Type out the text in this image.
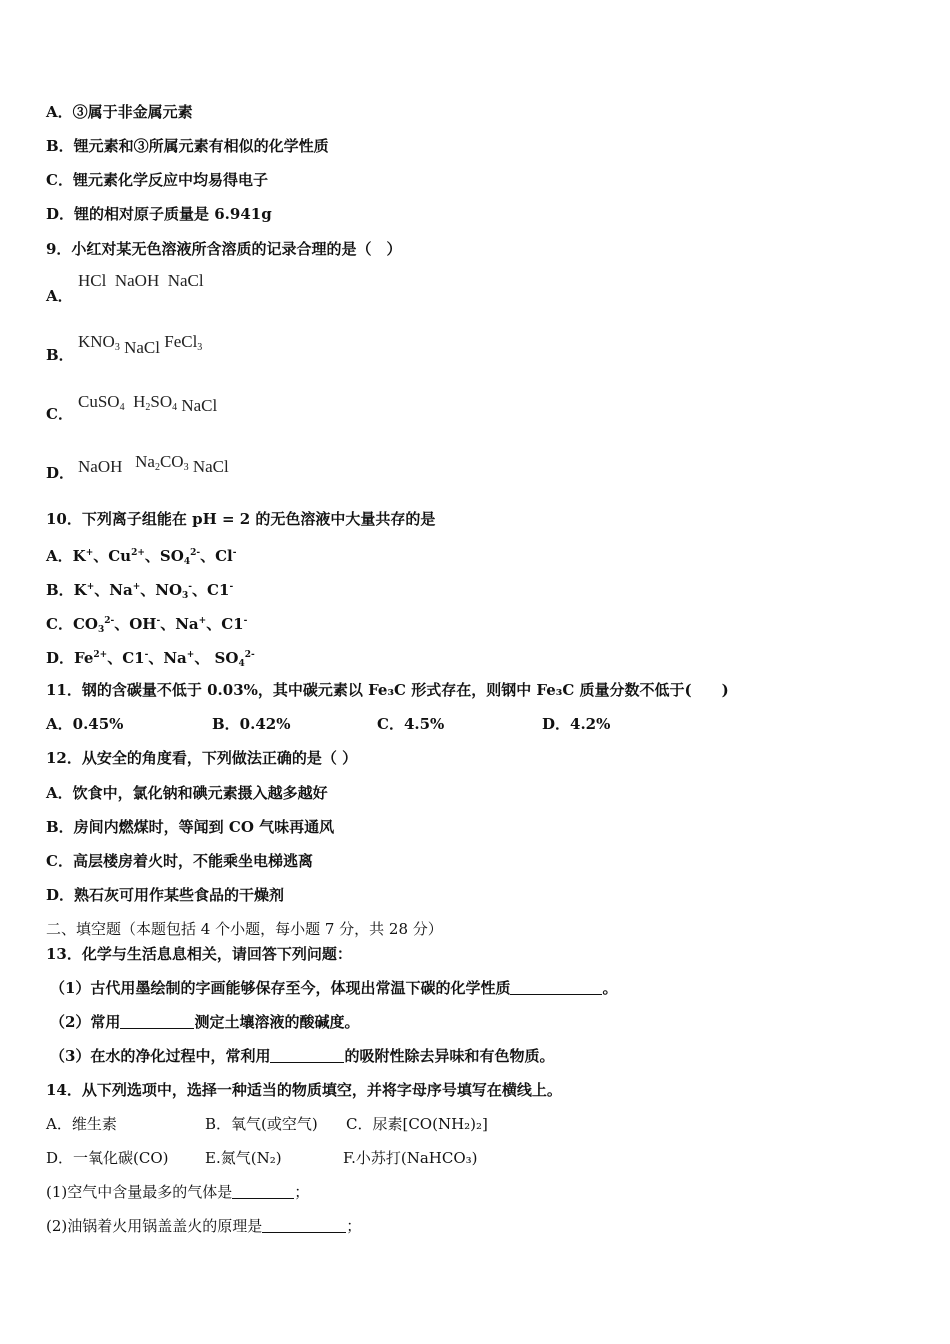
A．③属于非金属元素
B．锂元素和③所属元素有相似的化学性质
C．锂元素化学反应中均易得电子
D．锂的相对原子质量是 6.941g
9．小红对某无色溶液所含溶质的记录合理的是（　）
A．
HCl NaOH NaCl
B．
$KNO_3$ NaCl FeCl$_3$
C．
CuSO$_4$ $H_2SO_4$ NaCl
D． NaOH $Na_2CO_3$ NaCl
10．下列离子组能在 pH = 2 的无色溶液中大量共存的是
A．K+、$Cu^{2+}$、$SO_4^{2-}$、Cl-
B．K+、Na+、$NO_3^-$、C1-
C．$CO_3^{2-}$、OH-、Na+、C1-
D．$Fe^{2+}$、C1-、Na+、 $SO_4^{2-}$
11．钢的含碳量不低于 0.03%，其中碳元素以 Fe₃C 形式存在，则钢中 Fe₃C 质量分数不低于(　　)
A．0.45%	B．0.42%	C．4.5%	D．4.2%
12．从安全的角度看，下列做法正确的是（ ）
A．饮食中，氯化钠和碘元素摄入越多越好
B．房间内燃煤时，等闻到 CO 气味再通风
C．高层楼房着火时，不能乘坐电梯逃离
D．熟石灰可用作某些食品的干燥剂
二、填空题（本题包括 4 个小题，每小题 7 分，共 28 分）
13．化学与生活息息相关，请回答下列问题：
（1）古代用墨绘制的字画能够保存至今，体现出常温下碳的化学性质	。
（2）常用	测定土壤溶液的酸碱度。
（3）在水的净化过程中，常利用	的吸附性除去异味和有色物质。
14．从下列选项中，选择一种适当的物质填空，并将字母序号填写在横线上。
A．维生素	B．氧气(或空气) C．尿素[CO(NH₂)₂]
D．一氧化碳(CO) E.氮气(N₂)	F.小苏打(NaHCO₃)
(1)空气中含量最多的气体是	；
(2)油锅着火用锅盖盖火的原理是	；
